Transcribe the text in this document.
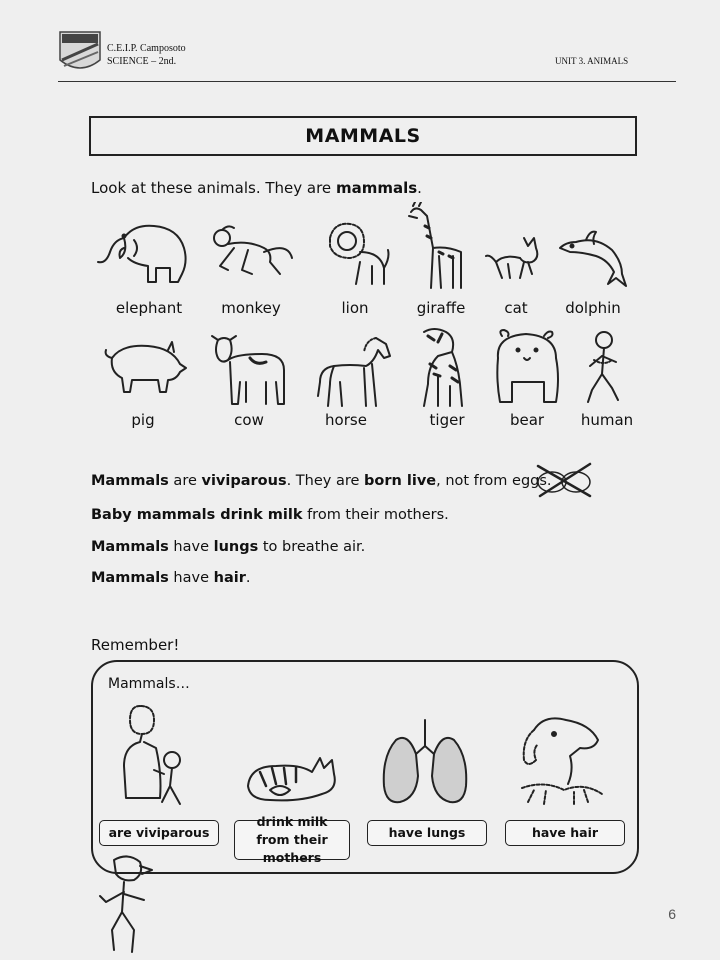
C.E.I.P. Camposoto
SCIENCE – 2nd.	UNIT 3. ANIMALS
MAMMALS
Look at these animals. They are mammals.
elephant	monkey	lion	giraffe	cat	dolphin
pig	cow	horse	tiger	bear	human
Mammals are viviparous. They are born live, not from eggs.
Baby mammals drink milk from their mothers.
Mammals have lungs to breathe air.
Mammals have hair.
Remember!
Mammals…
are viviparous
drink milk from their mothers
have lungs	have hair
6
